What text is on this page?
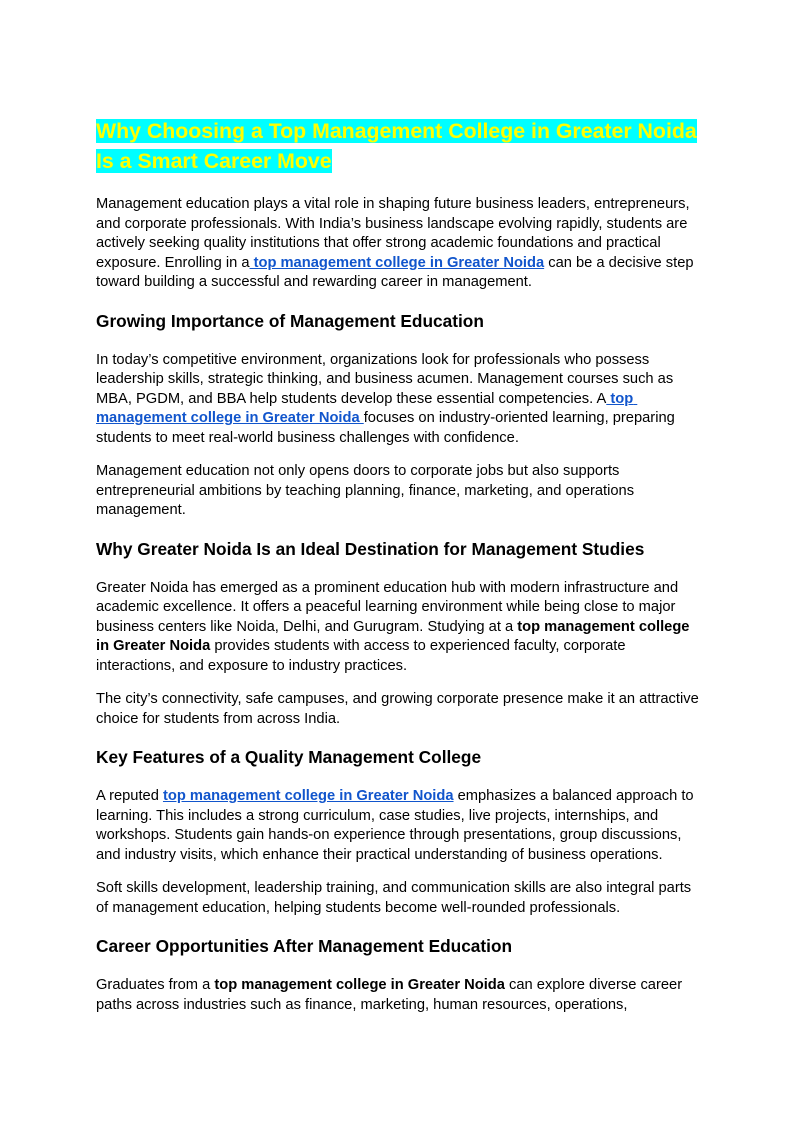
Why Choosing a Top Management College in Greater Noida Is a Smart Career Move

Management education plays a vital role in shaping future business leaders, entrepreneurs, and corporate professionals. With India’s business landscape evolving rapidly, students are actively seeking quality institutions that offer strong academic foundations and practical exposure. Enrolling in a top management college in Greater Noida can be a decisive step toward building a successful and rewarding career in management.

Growing Importance of Management Education

In today’s competitive environment, organizations look for professionals who possess leadership skills, strategic thinking, and business acumen. Management courses such as MBA, PGDM, and BBA help students develop these essential competencies. A top management college in Greater Noida focuses on industry-oriented learning, preparing students to meet real-world business challenges with confidence.

Management education not only opens doors to corporate jobs but also supports entrepreneurial ambitions by teaching planning, finance, marketing, and operations management.

Why Greater Noida Is an Ideal Destination for Management Studies

Greater Noida has emerged as a prominent education hub with modern infrastructure and academic excellence. It offers a peaceful learning environment while being close to major business centers like Noida, Delhi, and Gurugram. Studying at a top management college in Greater Noida provides students with access to experienced faculty, corporate interactions, and exposure to industry practices.

The city’s connectivity, safe campuses, and growing corporate presence make it an attractive choice for students from across India.

Key Features of a Quality Management College

A reputed top management college in Greater Noida emphasizes a balanced approach to learning. This includes a strong curriculum, case studies, live projects, internships, and workshops. Students gain hands-on experience through presentations, group discussions, and industry visits, which enhance their practical understanding of business operations.

Soft skills development, leadership training, and communication skills are also integral parts of management education, helping students become well-rounded professionals.

Career Opportunities After Management Education

Graduates from a top management college in Greater Noida can explore diverse career paths across industries such as finance, marketing, human resources, operations,
